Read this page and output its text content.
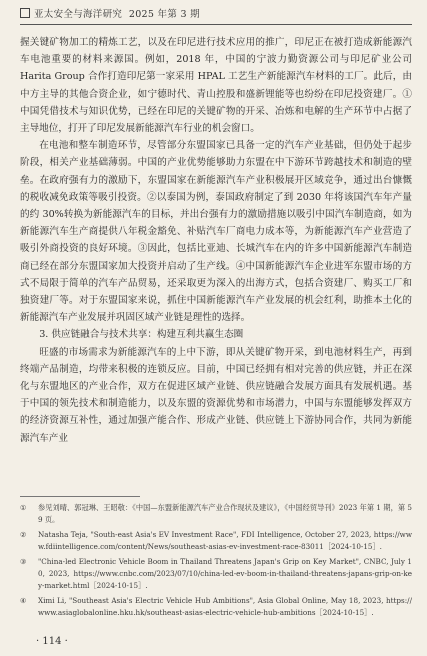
亚太安全与海洋研究 2025 年第 3 期

握关键矿物加工的精炼工艺，以及在印尼进行技术应用的推广，印尼正在被打造成新能源汽车电池重要的材料来源国。例如，2018 年，中国的宁波力勤资源公司与印尼矿业公司 Harita Group 合作打造印尼第一家采用 HPAL 工艺生产新能源汽车材料的工厂。此后，由中方主导的其他合资企业，如宁德时代、青山控股和盛新锂能等也纷纷在印尼投资建厂。①中国凭借技术与知识优势，已经在印尼的关键矿物的开采、冶炼和电解的生产环节中占据了主导地位，打开了印尼发展新能源汽车行业的机会窗口。

在电池和整车制造环节，尽管部分东盟国家已具备一定的汽车产业基础，但仍处于起步阶段，相关产业基础薄弱。中国的产业优势能够助力东盟在中下游环节跨越技术和制造的壁垒。在政府强有力的激励下，东盟国家在新能源汽车产业积极展开区域竞争，通过出台慷慨的税收减免政策等吸引投资。②以泰国为例，泰国政府制定了到 2030 年将该国汽车年产量的约 30%转换为新能源汽车的目标，并出台强有力的激励措施以吸引中国汽车制造商，如为新能源汽车生产商提供八年税金豁免、补贴汽车厂商电力成本等，为新能源汽车产业营造了吸引外商投资的良好环境。③因此，包括比亚迪、长城汽车在内的许多中国新能源汽车制造商已经在部分东盟国家加大投资并启动了生产线。④中国新能源汽车企业进军东盟市场的方式不局限于简单的汽车产品贸易，还采取更为深入的出海方式，包括合资建厂、购买工厂和独资建厂等。对于东盟国家来说，抓住中国新能源汽车产业发展的机会红利，助推本土化的新能源汽车产业发展并巩固区域产业链是理性的选择。

3. 供应链融合与技术共享：构建互利共赢生态圈

旺盛的市场需求为新能源汽车的上中下游，即从关键矿物开采，到电池材料生产，再到终端产品制造，均带来积极的连锁反应。目前，中国已经拥有相对完善的供应链，并正在深化与东盟地区的产业合作，双方在促进区域产业链、供应链融合发展方面具有发展机遇。基于中国的领先技术和制造能力，以及东盟的资源优势和市场潜力，中国与东盟能够发挥双方的经济资源互补性，通过加强产能合作、形成产业链、供应链上下游协同合作，共同为新能源汽车产业

①	参见刘晴、郭冠琳、王昭敬：《中国—东盟新能源汽车产业合作现状及建议》，《中国经贸导刊》2023 年第 1 期，第 59 页。
②	Natasha Teja, "South-east Asia's EV Investment Race", FDI Intelligence, October 27, 2023, https://www.fdiintelligence.com/content/News/southeast-asias-ev-investment-race-83011［2024-10-15］.
③	"China-led Electronic Vehicle Boom in Thailand Threatens Japan's Grip on Key Market", CNBC, July 10, 2023, https://www.cnbc.com/2023/07/10/china-led-ev-boom-in-thailand-threatens-japans-grip-on-key-market.html［2024-10-15］.
④	Ximi Li, "Southeast Asia's Electric Vehicle Hub Ambitions", Asia Global Online, May 18, 2023, https://www.asiaglobalonline.hku.hk/southeast-asias-electric-vehicle-hub-ambitions［2024-10-15］.
· 114 ·
